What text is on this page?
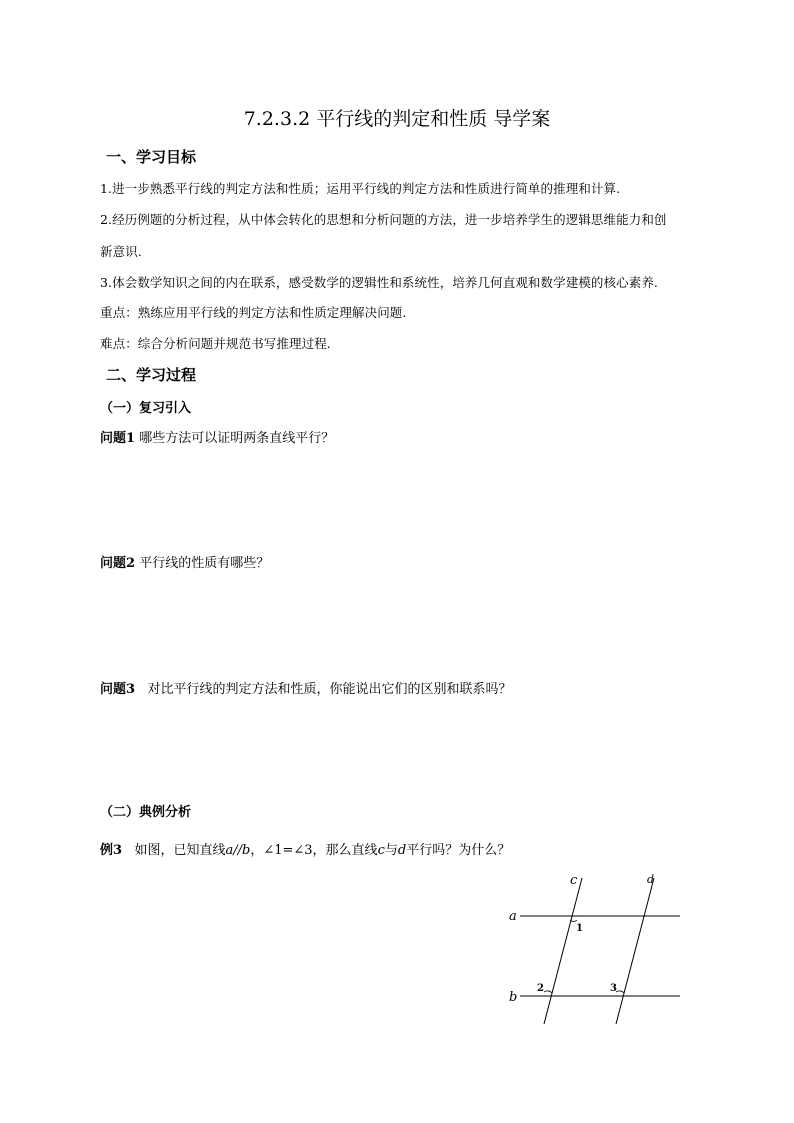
7.2.3.2 平行线的判定和性质 导学案
一、学习目标
1.进一步熟悉平行线的判定方法和性质；运用平行线的判定方法和性质进行简单的推理和计算.
2.经历例题的分析过程，从中体会转化的思想和分析问题的方法，进一步培养学生的逻辑思维能力和创
新意识.
3.体会数学知识之间的内在联系，感受数学的逻辑性和系统性，培养几何直观和数学建模的核心素养.
重点：熟练应用平行线的判定方法和性质定理解决问题.
难点：综合分析问题并规范书写推理过程.
二、学习过程
（一）复习引入
问题1 哪些方法可以证明两条直线平行？
问题2 平行线的性质有哪些？
问题3 对比平行线的判定方法和性质，你能说出它们的区别和联系吗？
（二）典例分析
例3 如图，已知直线a//b，∠1=∠3，那么直线c与d平行吗？为什么？
c	d
a
b
1
2	3
